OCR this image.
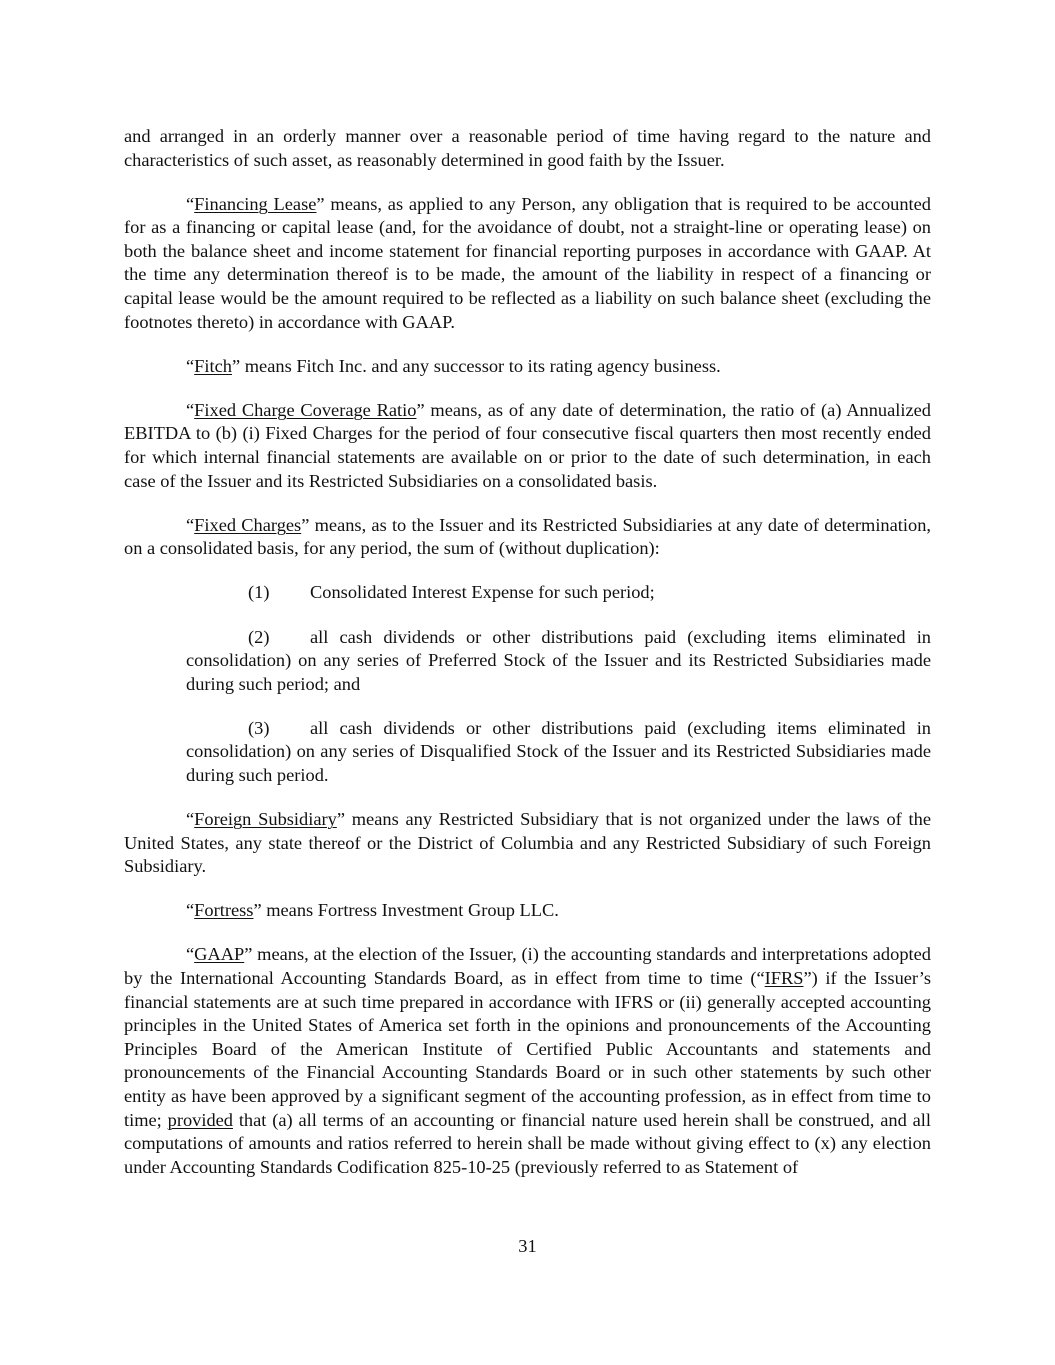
and arranged in an orderly manner over a reasonable period of time having regard to the nature and characteristics of such asset, as reasonably determined in good faith by the Issuer.

“Financing Lease” means, as applied to any Person, any obligation that is required to be accounted for as a financing or capital lease (and, for the avoidance of doubt, not a straight-line or operating lease) on both the balance sheet and income statement for financial reporting purposes in accordance with GAAP. At the time any determination thereof is to be made, the amount of the liability in respect of a financing or capital lease would be the amount required to be reflected as a liability on such balance sheet (excluding the footnotes thereto) in accordance with GAAP.

“Fitch” means Fitch Inc. and any successor to its rating agency business.

“Fixed Charge Coverage Ratio” means, as of any date of determination, the ratio of (a) Annualized EBITDA to (b) (i) Fixed Charges for the period of four consecutive fiscal quarters then most recently ended for which internal financial statements are available on or prior to the date of such determination, in each case of the Issuer and its Restricted Subsidiaries on a consolidated basis.

“Fixed Charges” means, as to the Issuer and its Restricted Subsidiaries at any date of determination, on a consolidated basis, for any period, the sum of (without duplication):

(1) Consolidated Interest Expense for such period;

(2) all cash dividends or other distributions paid (excluding items eliminated in consolidation) on any series of Preferred Stock of the Issuer and its Restricted Subsidiaries made during such period; and

(3) all cash dividends or other distributions paid (excluding items eliminated in consolidation) on any series of Disqualified Stock of the Issuer and its Restricted Subsidiaries made during such period.

“Foreign Subsidiary” means any Restricted Subsidiary that is not organized under the laws of the United States, any state thereof or the District of Columbia and any Restricted Subsidiary of such Foreign Subsidiary.

“Fortress” means Fortress Investment Group LLC.

“GAAP” means, at the election of the Issuer, (i) the accounting standards and interpretations adopted by the International Accounting Standards Board, as in effect from time to time (“IFRS”) if the Issuer’s financial statements are at such time prepared in accordance with IFRS or (ii) generally accepted accounting principles in the United States of America set forth in the opinions and pronouncements of the Accounting Principles Board of the American Institute of Certified Public Accountants and statements and pronouncements of the Financial Accounting Standards Board or in such other statements by such other entity as have been approved by a significant segment of the accounting profession, as in effect from time to time; provided that (a) all terms of an accounting or financial nature used herein shall be construed, and all computations of amounts and ratios referred to herein shall be made without giving effect to (x) any election under Accounting Standards Codification 825-10-25 (previously referred to as Statement of

31
